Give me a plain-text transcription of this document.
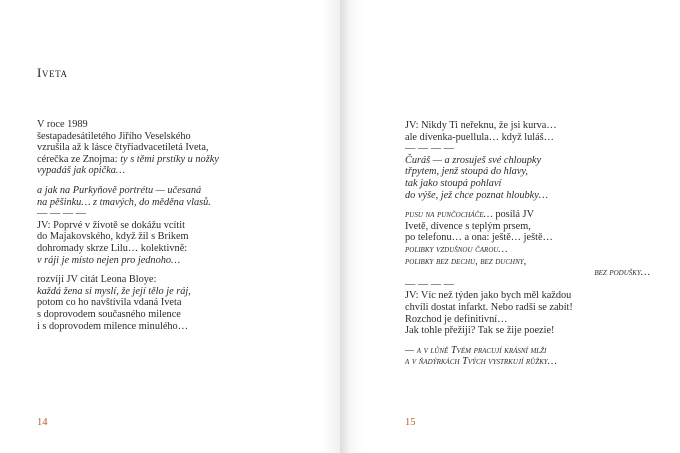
Iveta
V roce 1989
šestapadesátiletého Jiřího Veselského
vzrušila až k lásce čtyřiadvacetiletá Iveta,
cérečka ze Znojma: ty s těmi prstíky u nožky
vypadáš jak opička…
a jak na Purkyňově portrétu — učesaná
na pěšinku… z tmavých, do měděna vlasů.
— — — —
JV: Poprvé v životě se dokážu vcítit
do Majakovského, když žil s Brikem
dohromady skrze Lilu… kolektivně:
v ráji je místo nejen pro jednoho…
rozvíjí JV citát Leona Bloye:
každá žena si myslí, že její tělo je ráj,
potom co ho navštívila vdaná Iveta
s doprovodem současného milence
i s doprovodem milence minulého…
14
JV: Nikdy Ti neřeknu, že jsi kurva…
ale dívenka-puellula… když luláš…
— — — —
Čuráš — a zrosuješ své chloupky
třpytem, jenž stoupá do hlavy,
tak jako stoupá pohlaví
do výše, jež chce poznat hloubky…
pusu na punčocháče… posílá JV
Ivetě, dívence s teplým prsem,
po telefonu… a ona: ještě… ještě…
polibky vzdušnou čarou…
polibky bez dechu, bez duchny,
bez podušky…
— — — —
JV: Víc než týden jako bych měl každou
chvíli dostat infarkt. Nebo radši se zabít!
Rozchod je definitivní…
Jak tohle přežiji? Tak se žije poezie!
— a v lůně Tvém pracují krásní mlži
a v ňadýrkách Tvých vystrkují růžky…
15
